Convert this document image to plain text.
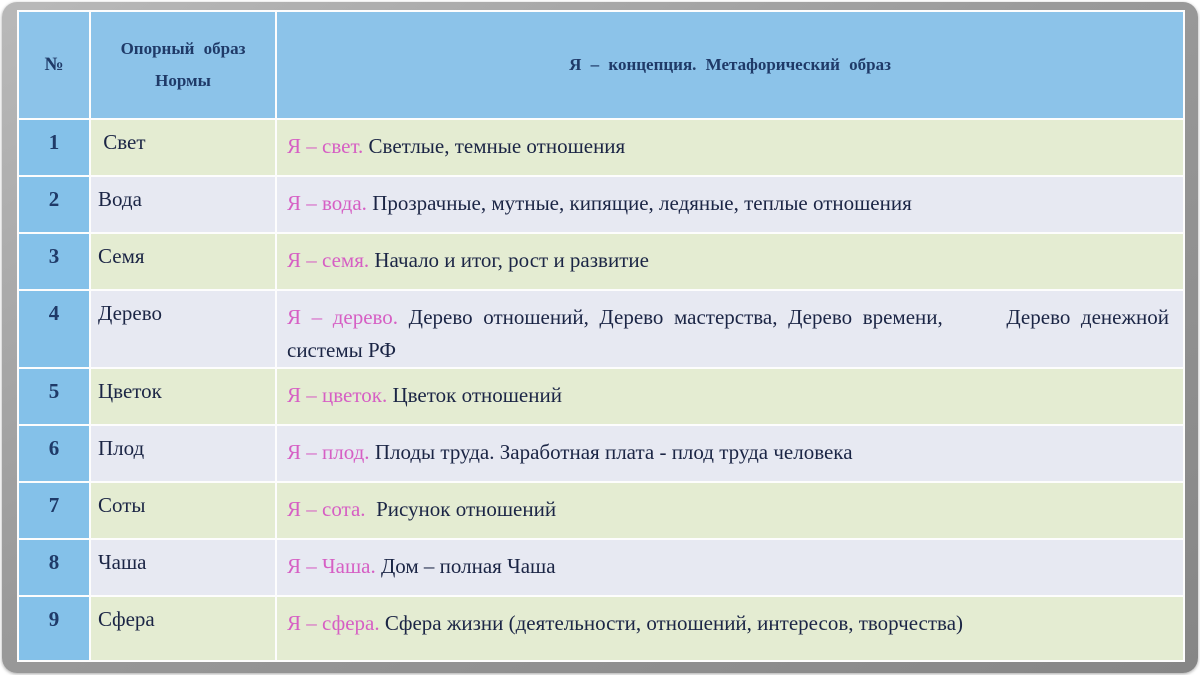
№	Опорный образ Нормы	Я – концепция. Метафорический образ
1	Свет	Я – свет. Светлые, темные отношения
2	Вода	Я – вода. Прозрачные, мутные, кипящие, ледяные, теплые отношения
3	Семя	Я – семя. Начало и итог, рост и развитие
4	Дерево	Я – дерево. Дерево отношений, Дерево мастерства, Дерево времени,      Дерево денежной системы РФ
5	Цветок	Я – цветок. Цветок отношений
6	Плод	Я – плод. Плоды труда. Заработная плата - плод труда человека
7	Соты	Я – сота.  Рисунок отношений
8	Чаша	Я – Чаша. Дом – полная Чаша
9	Сфера	Я – сфера. Сфера жизни (деятельности, отношений, интересов, творчества)
